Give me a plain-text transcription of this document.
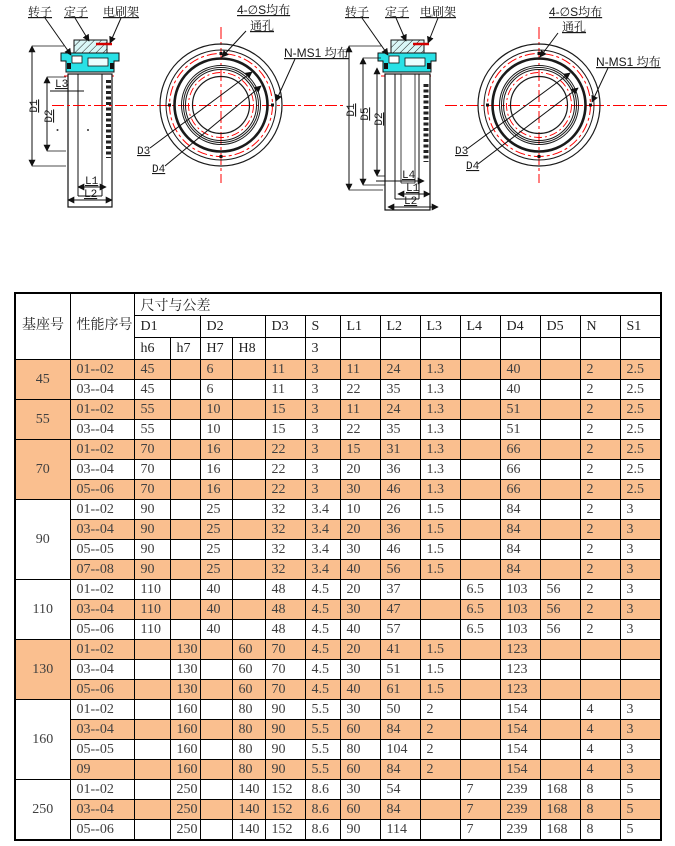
D1
D2
L3
L1
L2
转子 定子 电刷架	4-∅S均布
通孔
N-MS1 均布
D3
D4
D1 D5 D2
L4
L1
L2
转子 定子 电刷架	4-∅S均布
通孔
N-MS1 均布
D3
D4
基座号	性能序号	尺寸与公差													
		D1		D2		D3	S	L1	L2	L3	L4	D4	D5	N	S1
		h6	h7	H7	H8		3								
45	01--02	45		6		11	3	11	24	1.3		40		2	2.5
	03--04	45		6		11	3	22	35	1.3		40		2	2.5
55	01--02	55		10		15	3	11	24	1.3		51		2	2.5
	03--04	55		10		15	3	22	35	1.3		51		2	2.5
70	01--02	70		16		22	3	15	31	1.3		66		2	2.5
	03--04	70		16		22	3	20	36	1.3		66		2	2.5
	05--06	70		16		22	3	30	46	1.3		66		2	2.5
90	01--02	90		25		32	3.4	10	26	1.5		84		2	3
	03--04	90		25		32	3.4	20	36	1.5		84		2	3
	05--05	90		25		32	3.4	30	46	1.5		84		2	3
	07--08	90		25		32	3.4	40	56	1.5		84		2	3
110	01--02	110		40		48	4.5	20	37		6.5	103	56	2	3
	03--04	110		40		48	4.5	30	47		6.5	103	56	2	3
	05--06	110		40		48	4.5	40	57		6.5	103	56	2	3
130	01--02		130		60	70	4.5	20	41	1.5		123			
	03--04		130		60	70	4.5	30	51	1.5		123			
	05--06		130		60	70	4.5	40	61	1.5		123			
160	01--02		160		80	90	5.5	30	50	2		154		4	3
	03--04		160		80	90	5.5	60	84	2		154		4	3
	05--05		160		80	90	5.5	80	104	2		154		4	3
	09		160		80	90	5.5	60	84	2		154		4	3
250	01--02		250		140	152	8.6	30	54		7	239	168	8	5
	03--04		250		140	152	8.6	60	84		7	239	168	8	5
	05--06		250		140	152	8.6	90	114		7	239	168	8	5
